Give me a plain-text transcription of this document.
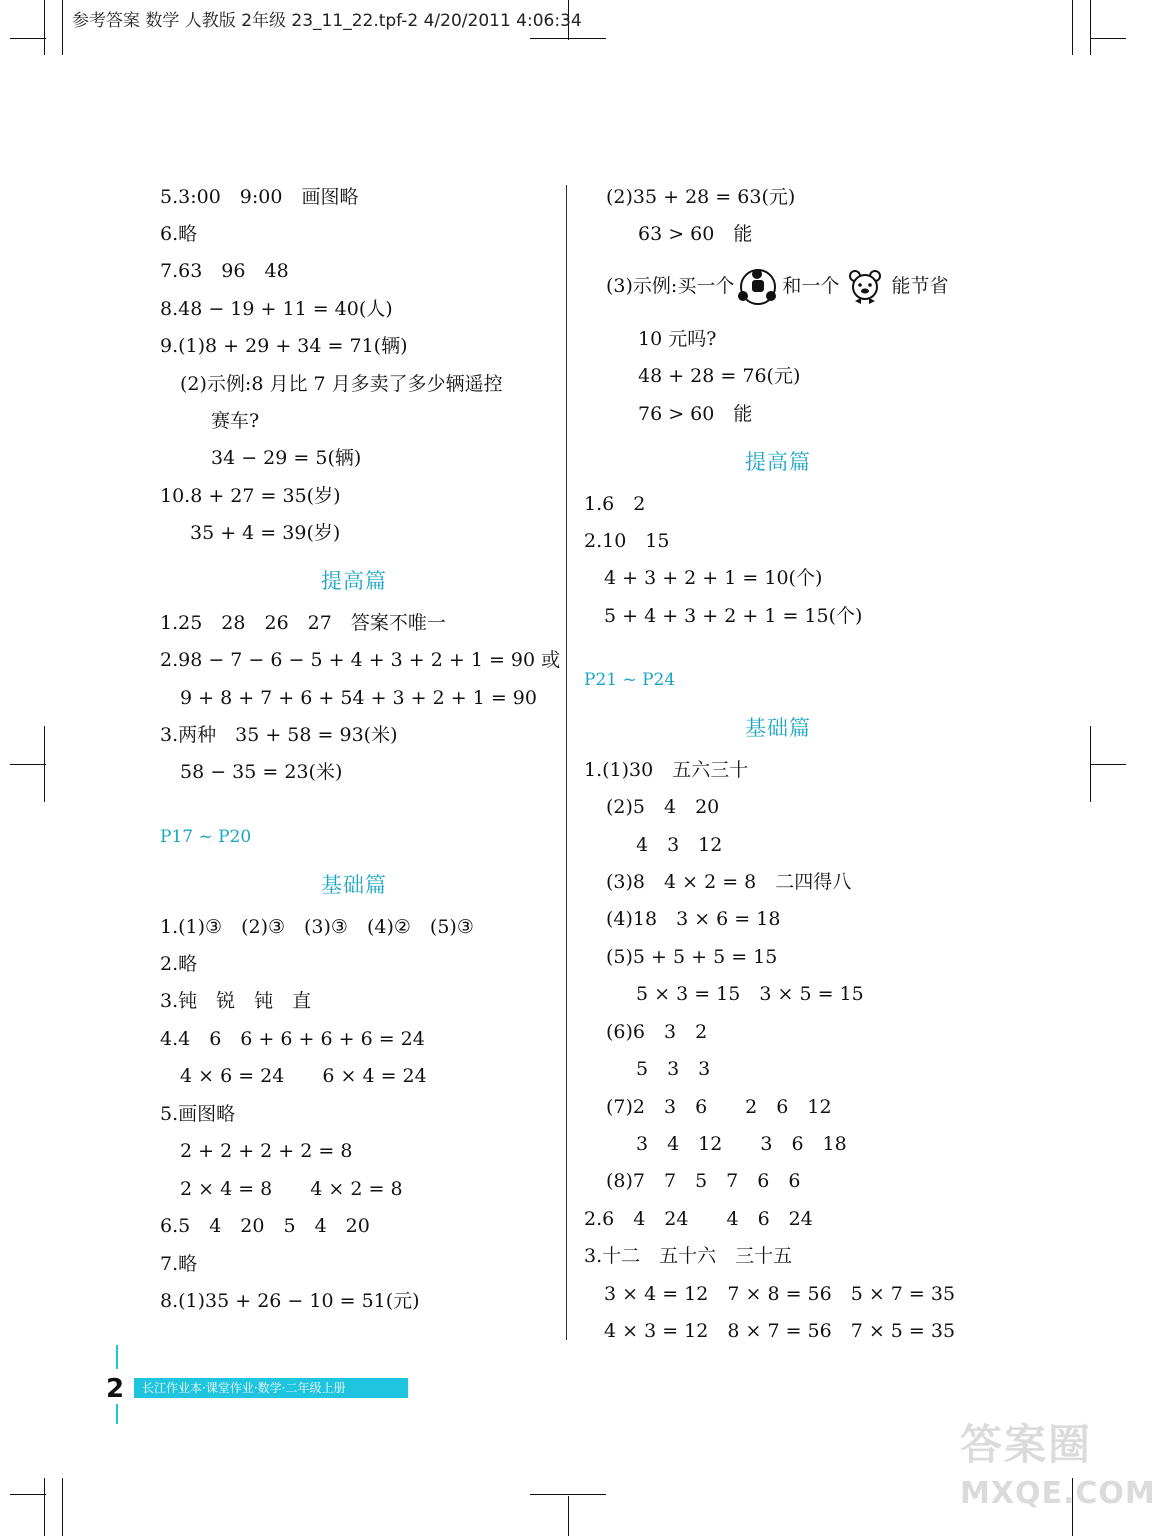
参考答案 数学 人教版 2年级 23_11_22.tpf-2 4/20/2011 4:06:34
5.3:00　9:00　画图略
6.略
7.63　96　48
8.48 − 19 + 11 = 40(人)
9.(1)8 + 29 + 34 = 71(辆)
(2)示例:8 月比 7 月多卖了多少辆遥控
赛车?
34 − 29 = 5(辆)
10.8 + 27 = 35(岁)
35 + 4 = 39(岁)
提高篇
1.25　28　26　27　答案不唯一
2.98 − 7 − 6 − 5 + 4 + 3 + 2 + 1 = 90 或
9 + 8 + 7 + 6 + 54 + 3 + 2 + 1 = 90
3.两种　35 + 58 = 93(米)
58 − 35 = 23(米)
P17 ~ P20
基础篇
1.(1)③　(2)③　(3)③　(4)②　(5)③
2.略
3.钝　锐　钝　直
4.4　6　6 + 6 + 6 + 6 = 24
4 × 6 = 24　　6 × 4 = 24
5.画图略
2 + 2 + 2 + 2 = 8
2 × 4 = 8　　4 × 2 = 8
6.5　4　20　5　4　20
7.略
8.(1)35 + 26 − 10 = 51(元)
(2)35 + 28 = 63(元)
63 > 60　能
(3)示例:买一个	和一个	能节省
10 元吗?
48 + 28 = 76(元)
76 > 60　能
提高篇
1.6　2
2.10　15
4 + 3 + 2 + 1 = 10(个)
5 + 4 + 3 + 2 + 1 = 15(个)
P21 ~ P24
基础篇
1.(1)30　五六三十
(2)5　4　20
4　3　12
(3)8　4 × 2 = 8　二四得八
(4)18　3 × 6 = 18
(5)5 + 5 + 5 = 15
5 × 3 = 15　3 × 5 = 15
(6)6　3　2
5　3　3
(7)2　3　6　　2　6　12
3　4　12　　3　6　18
(8)7　7　5　7　6　6
2.6　4　24　　4　6　24
3.十二　五十六　三十五
3 × 4 = 12　7 × 8 = 56　5 × 7 = 35
4 × 3 = 12　8 × 7 = 56　7 × 5 = 35
2	长江作业本·课堂作业·数学·二年级上册
答案圈
MXQE.COM
